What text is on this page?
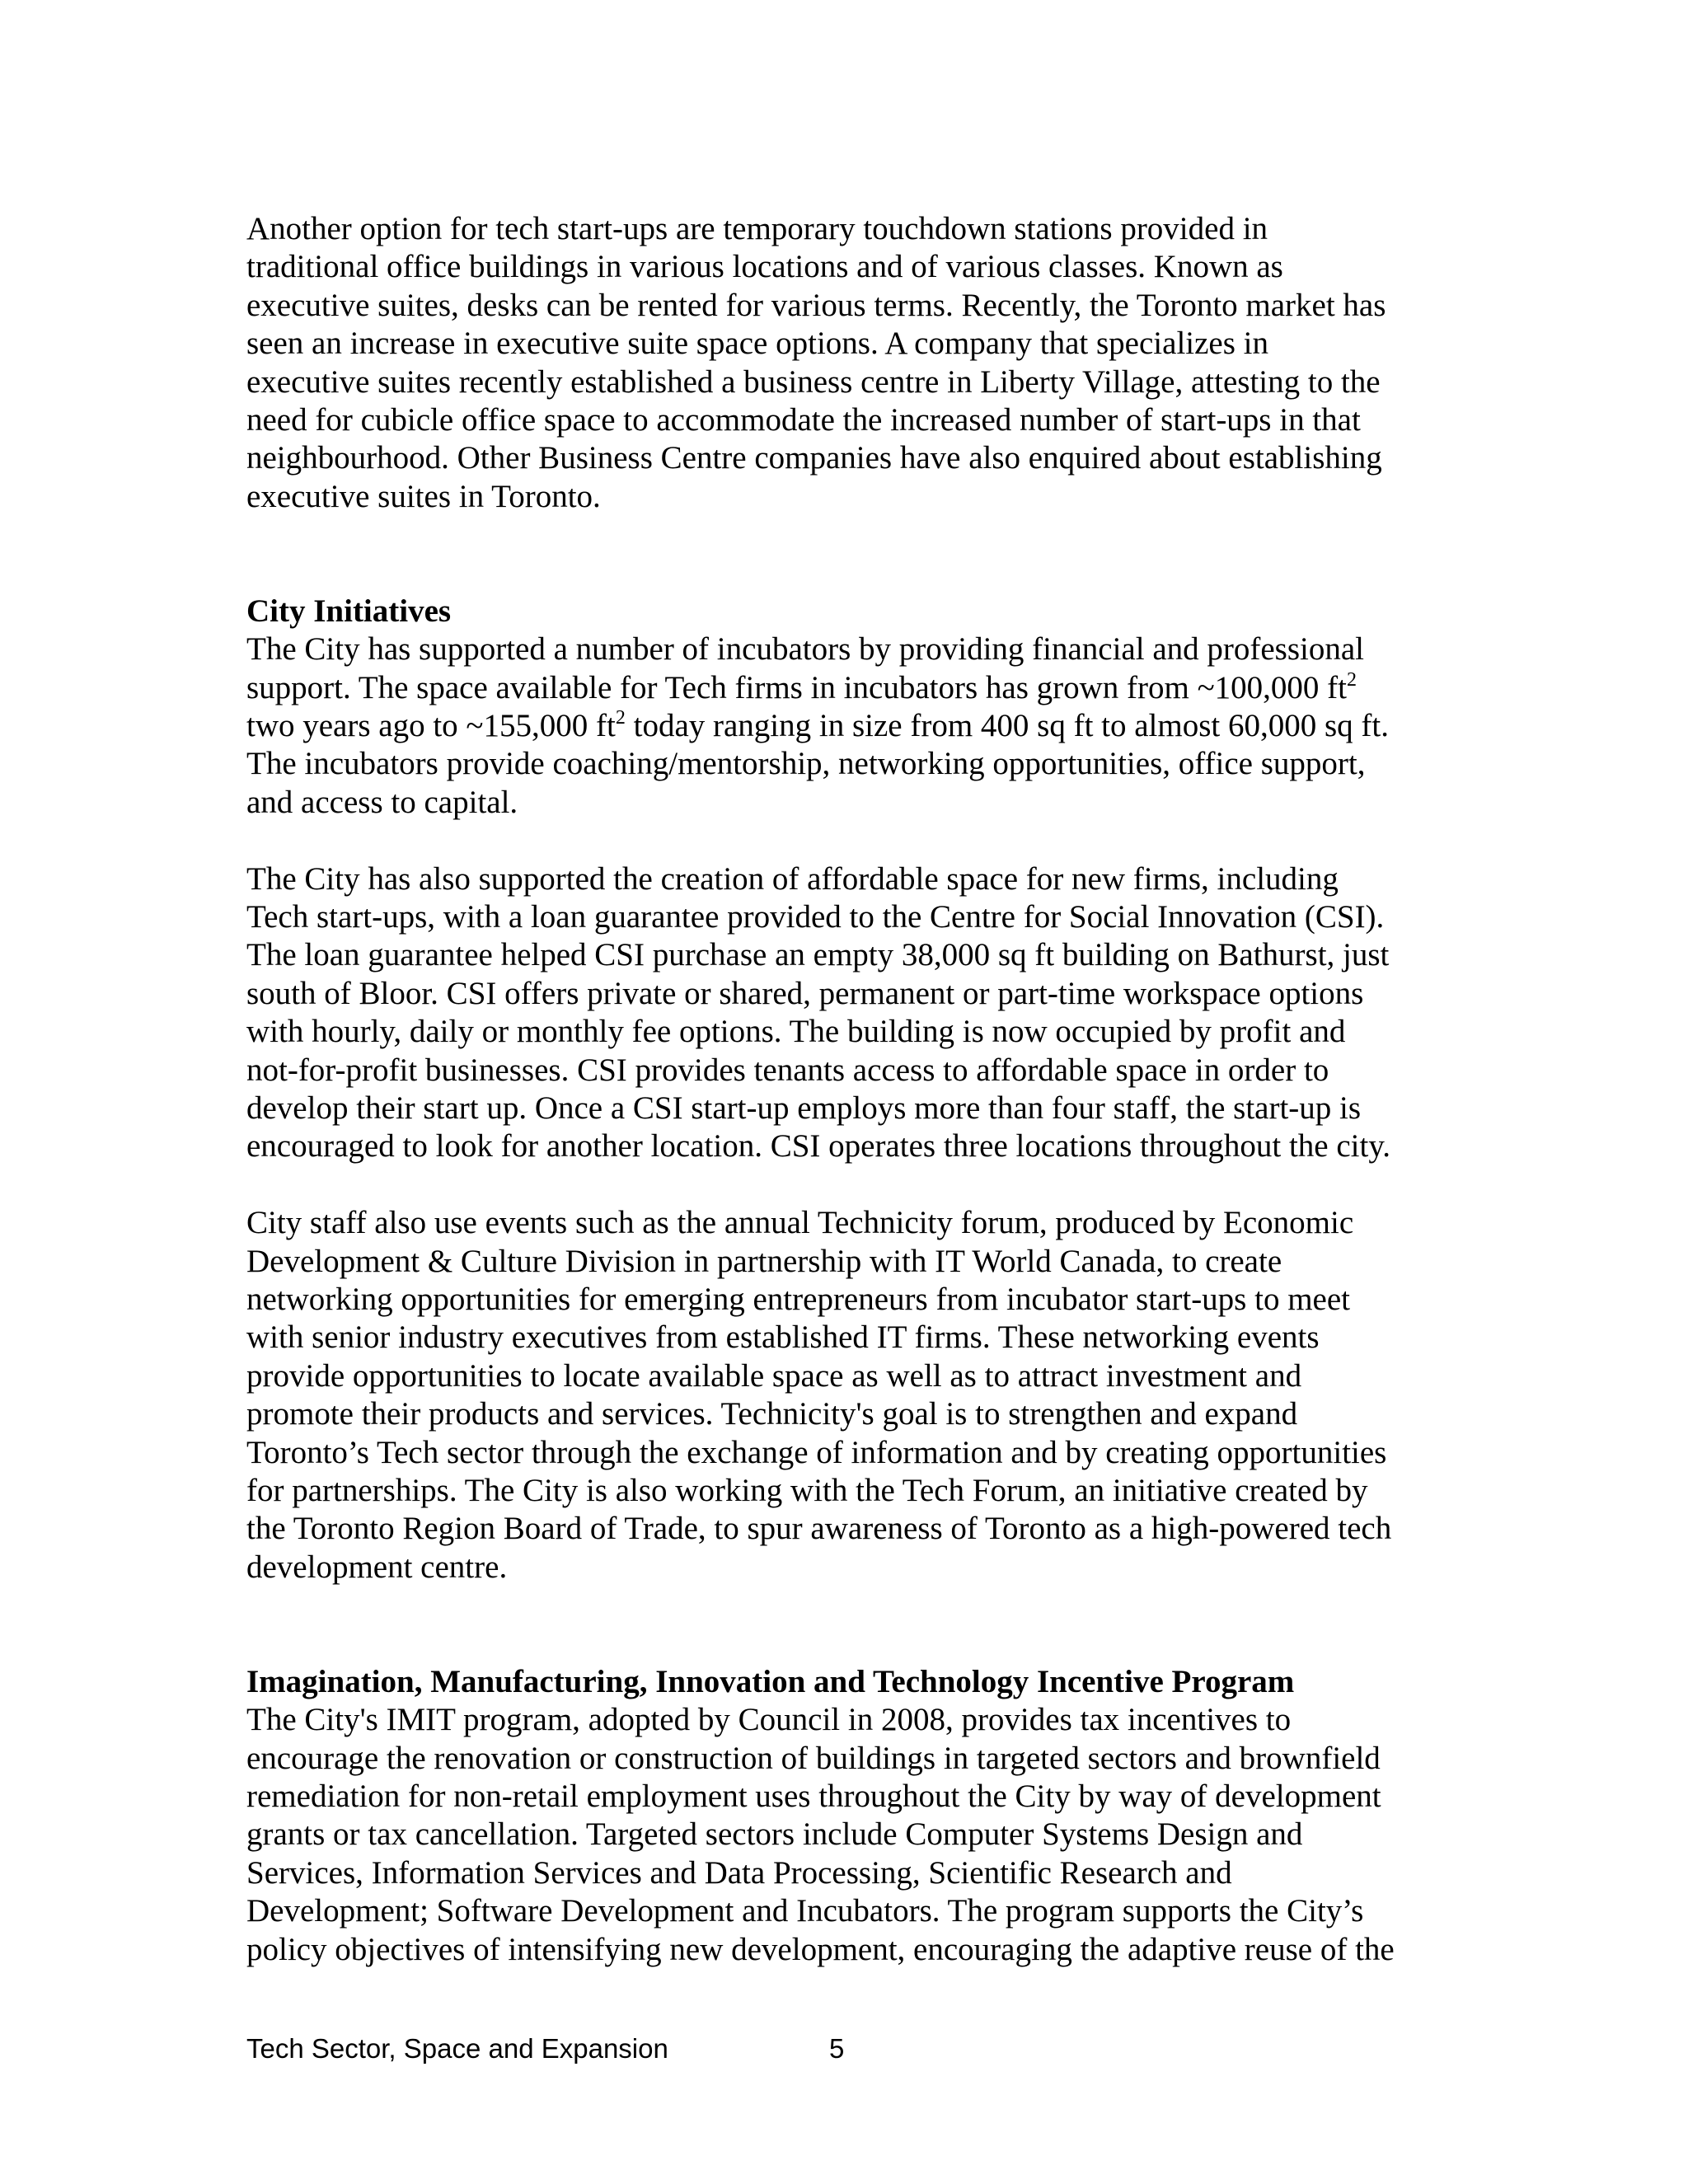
Another option for tech start-ups are temporary touchdown stations provided in
traditional office buildings in various locations and of various classes. Known as
executive suites, desks can be rented for various terms. Recently, the Toronto market has
seen an increase in executive suite space options. A company that specializes in
executive suites recently established a business centre in Liberty Village, attesting to the
need for cubicle office space to accommodate the increased number of start-ups in that
neighbourhood. Other Business Centre companies have also enquired about establishing
executive suites in Toronto.
City Initiatives
The City has supported a number of incubators by providing financial and professional
support. The space available for Tech firms in incubators has grown from ~100,000 $ft^2$
two years ago to ~155,000 $ft^2$ today ranging in size from 400 sq ft to almost 60,000 sq ft.
The incubators provide coaching/mentorship, networking opportunities, office support,
and access to capital.
The City has also supported the creation of affordable space for new firms, including
Tech start-ups, with a loan guarantee provided to the Centre for Social Innovation (CSI).
The loan guarantee helped CSI purchase an empty 38,000 sq ft building on Bathurst, just
south of Bloor. CSI offers private or shared, permanent or part-time workspace options
with hourly, daily or monthly fee options. The building is now occupied by profit and
not-for-profit businesses. CSI provides tenants access to affordable space in order to
develop their start up. Once a CSI start-up employs more than four staff, the start-up is
encouraged to look for another location. CSI operates three locations throughout the city.
City staff also use events such as the annual Technicity forum, produced by Economic
Development & Culture Division in partnership with IT World Canada, to create
networking opportunities for emerging entrepreneurs from incubator start-ups to meet
with senior industry executives from established IT firms. These networking events
provide opportunities to locate available space as well as to attract investment and
promote their products and services. Technicity's goal is to strengthen and expand
Toronto’s Tech sector through the exchange of information and by creating opportunities
for partnerships. The City is also working with the Tech Forum, an initiative created by
the Toronto Region Board of Trade, to spur awareness of Toronto as a high-powered tech
development centre.
Imagination, Manufacturing, Innovation and Technology Incentive Program
The City's IMIT program, adopted by Council in 2008, provides tax incentives to
encourage the renovation or construction of buildings in targeted sectors and brownfield
remediation for non-retail employment uses throughout the City by way of development
grants or tax cancellation. Targeted sectors include Computer Systems Design and
Services, Information Services and Data Processing, Scientific Research and
Development; Software Development and Incubators. The program supports the City’s
policy objectives of intensifying new development, encouraging the adaptive reuse of the
Tech Sector, Space and Expansion	5
